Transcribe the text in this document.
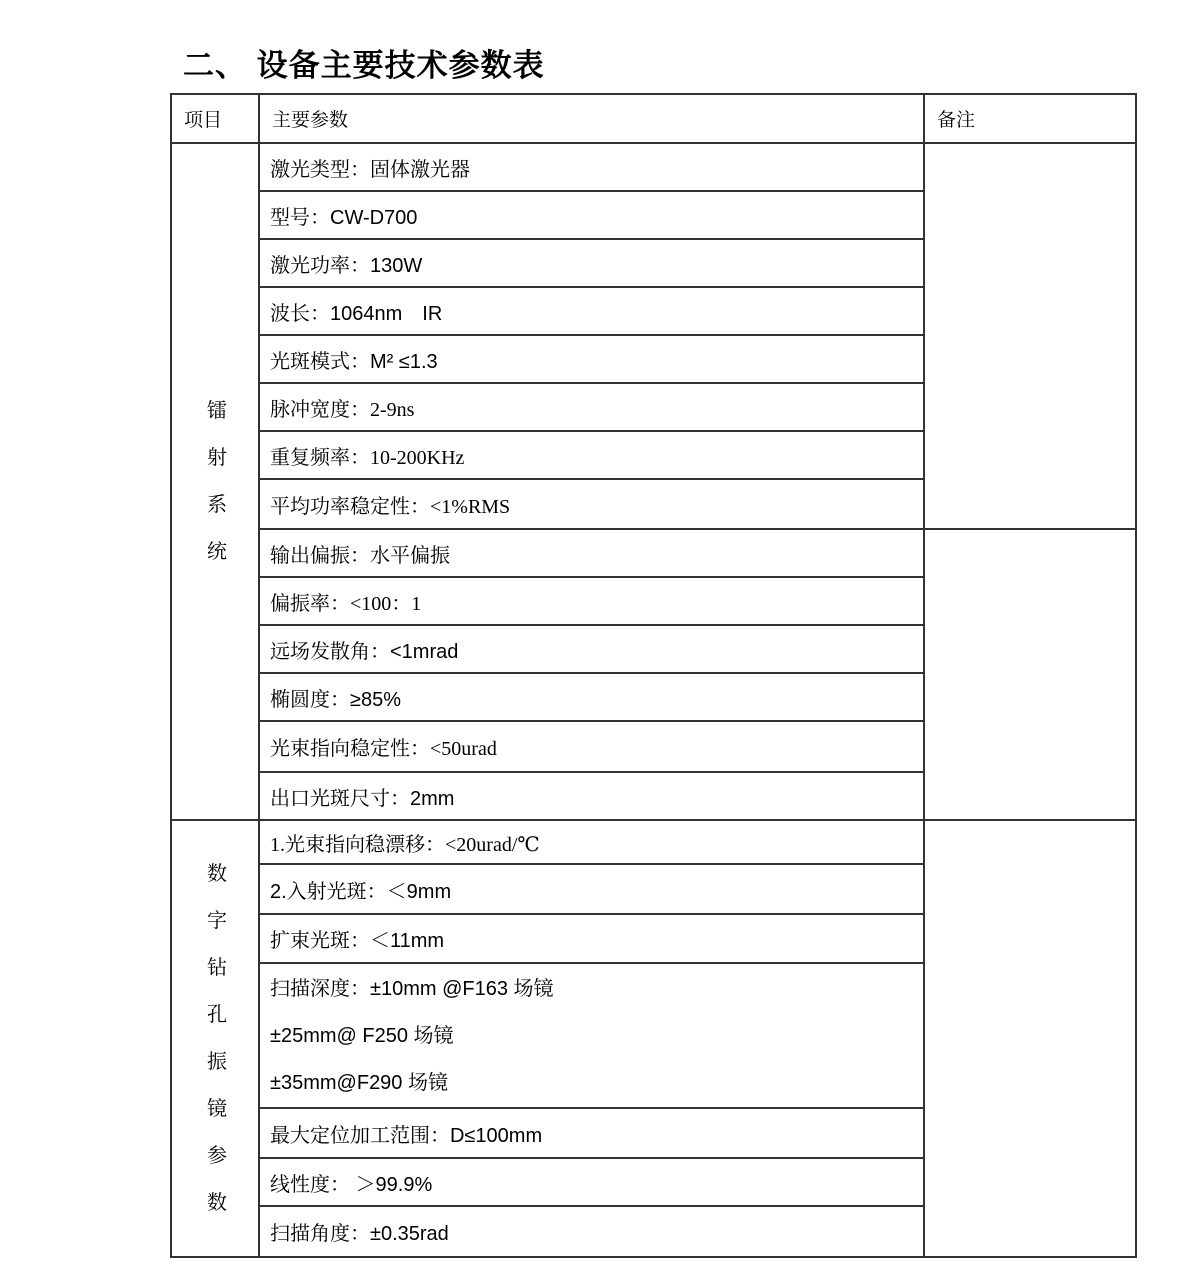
二、 设备主要技术参数表
项目	主要参数	备注

镭
射
系
统	激光类型：固体激光器	
	型号：CW-D700	
	激光功率：130W	
	波长：1064nm　IR	
	光斑模式：M² ≤1.3	
	脉冲宽度：2-9ns	
	重复频率：10-200KHz	
	平均功率稳定性：<1%RMS	
	输出偏振：水平偏振	
	偏振率：<100：1	
	远场发散角：<1mrad	
	椭圆度：≥85%	
	光束指向稳定性：<50urad	
	出口光斑尺寸：2mm	

数
字
钻
孔
振
镜
参
数
	1.光束指向稳漂移：<20urad/℃	
	2.入射光斑：＜9mm	
	扩束光斑：＜11mm	

	扫描深度：±10mm @F163 场镜
±25mm@ F250 场镜
±35mm@F290 场镜	

	最大定位加工范围：D≤100mm	
	线性度： ＞99.9%	
	扫描角度：±0.35rad	
